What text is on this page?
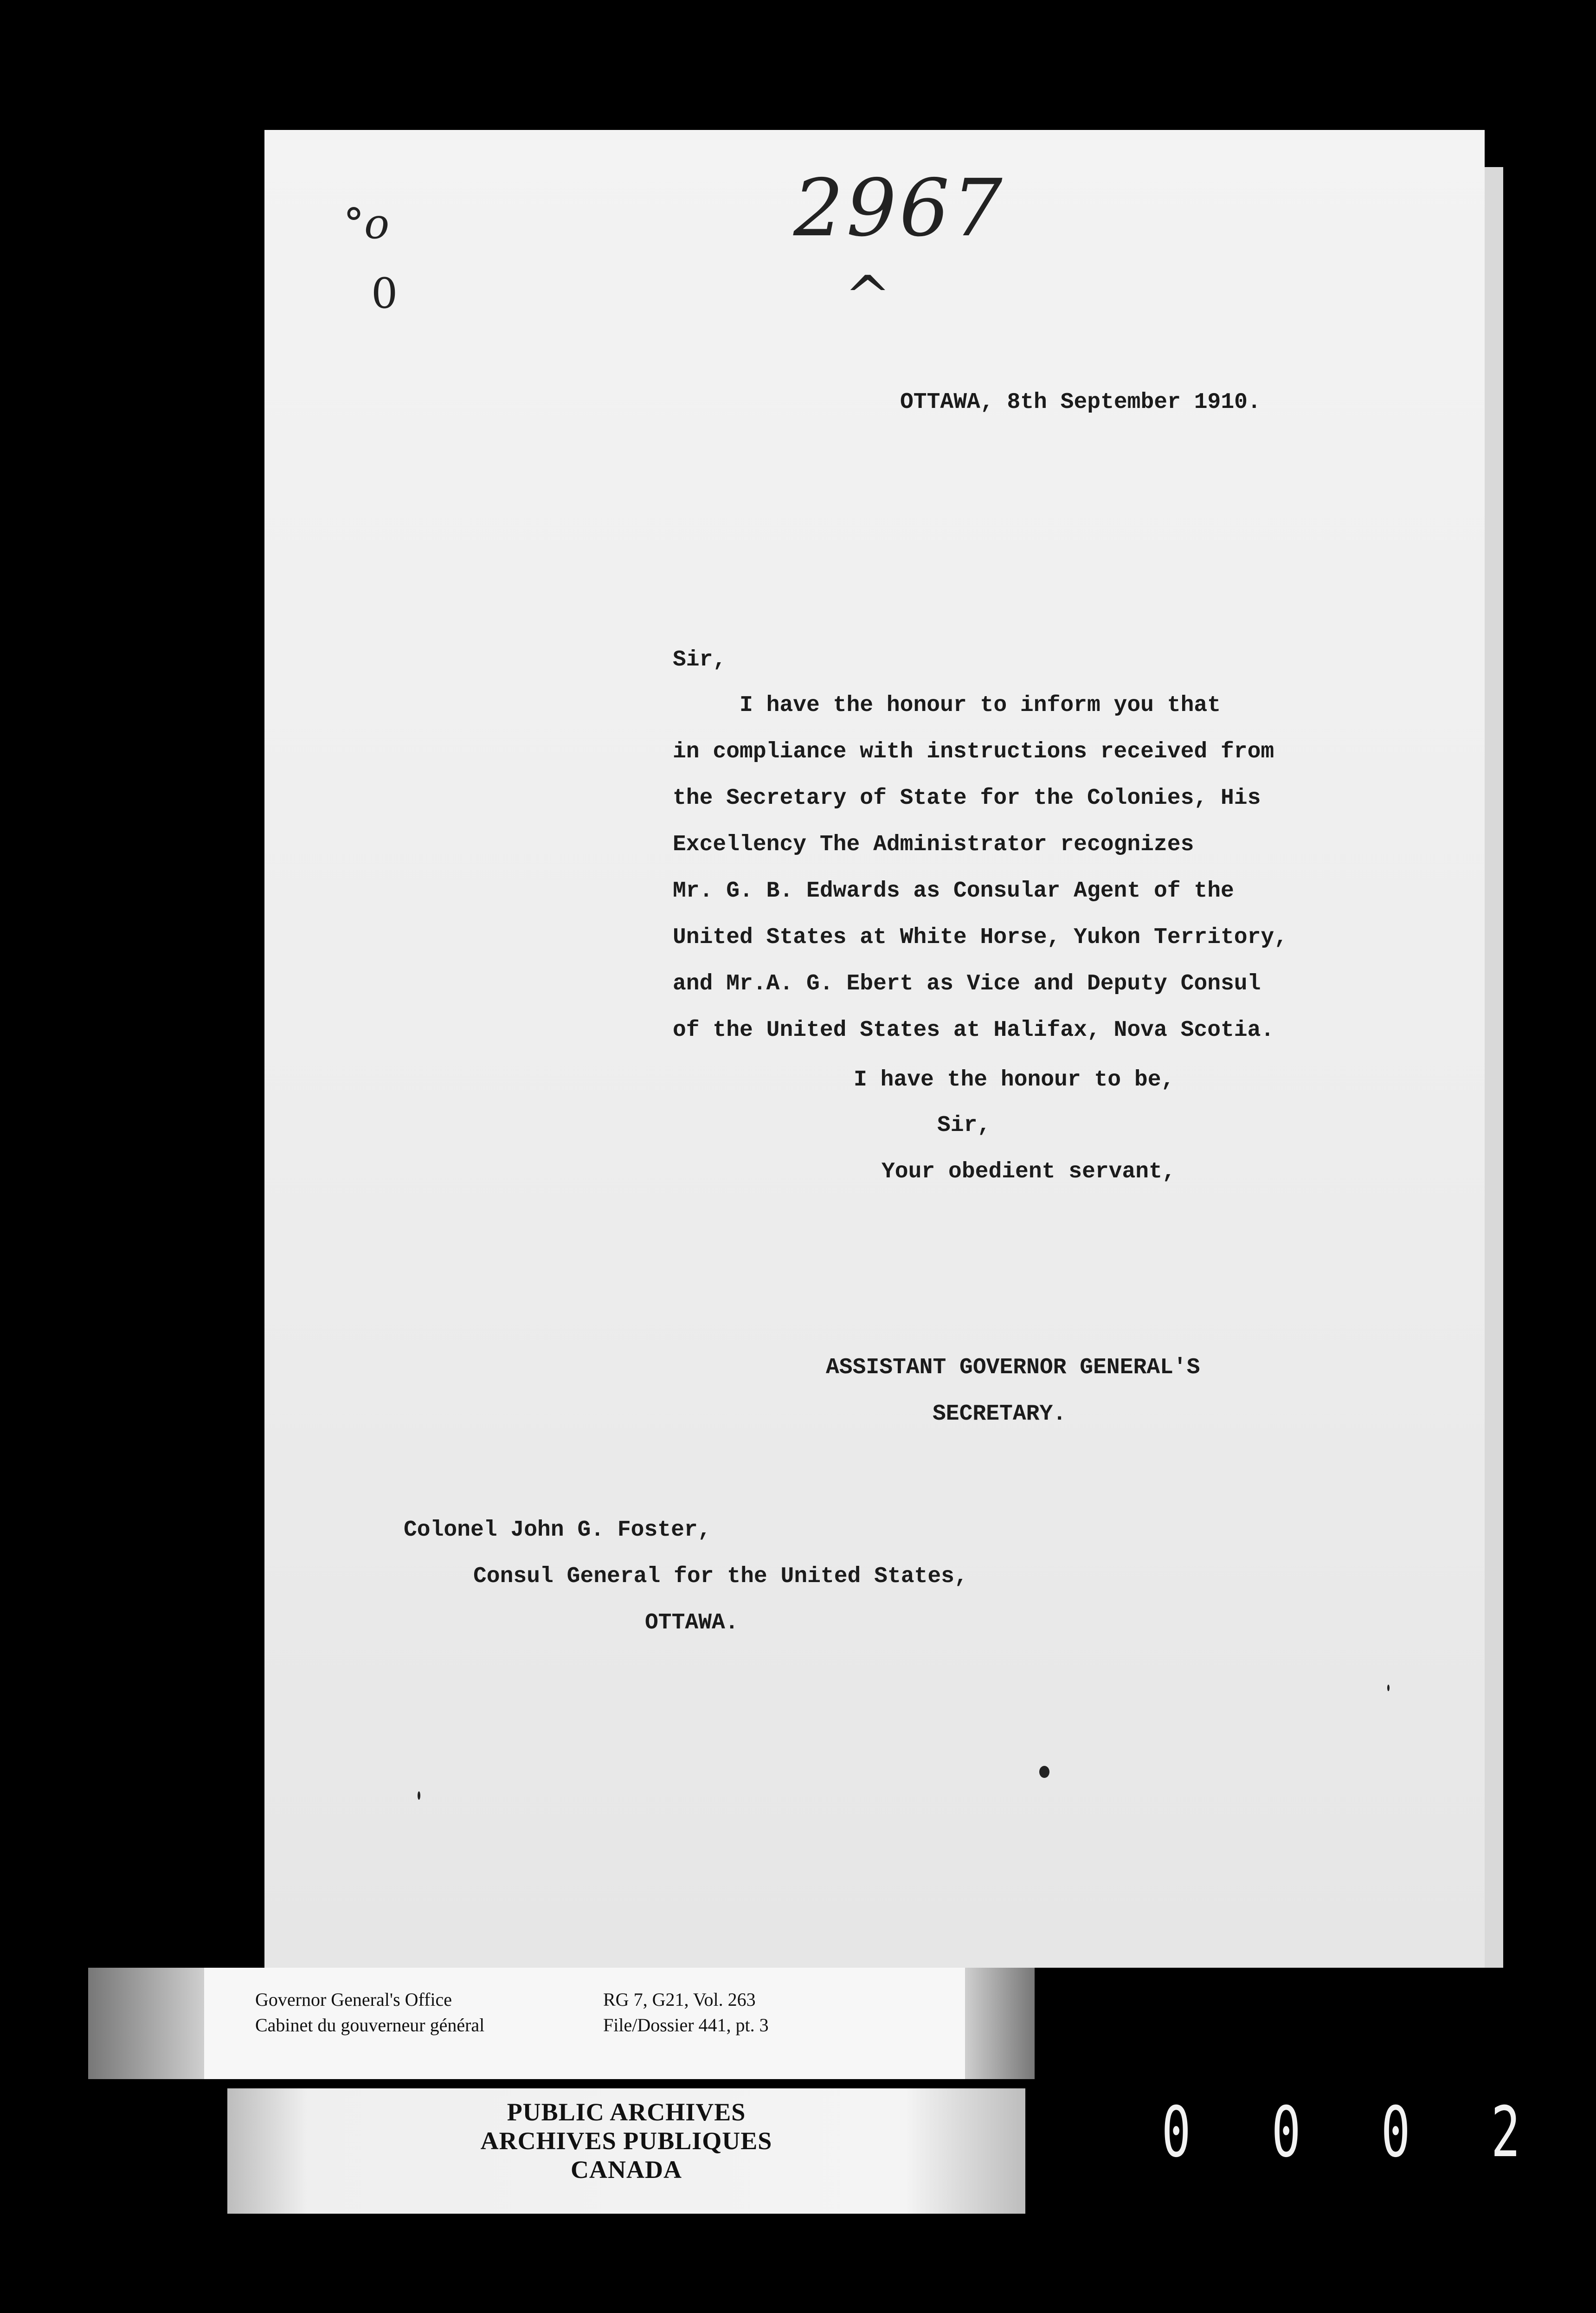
2967
^
°o
0
OTTAWA, 8th September 1910.
Sir,
I have the honour to inform you that
in compliance with instructions received from
the Secretary of State for the Colonies, His
Excellency The Administrator recognizes
Mr. G. B. Edwards as Consular Agent of the
United States at White Horse, Yukon Territory,
and Mr.A. G. Ebert as Vice and Deputy Consul
of the United States at Halifax, Nova Scotia.
I have the honour to be,
Sir,
Your obedient servant,
ASSISTANT GOVERNOR GENERAL'S
SECRETARY.
Colonel John G. Foster,
Consul General for the United States,
OTTAWA.
Governor General's Office
Cabinet du gouverneur général
RG 7, G21, Vol. 263
File/Dossier 441, pt. 3
PUBLIC ARCHIVES
ARCHIVES PUBLIQUES
CANADA	0 0 0 2
